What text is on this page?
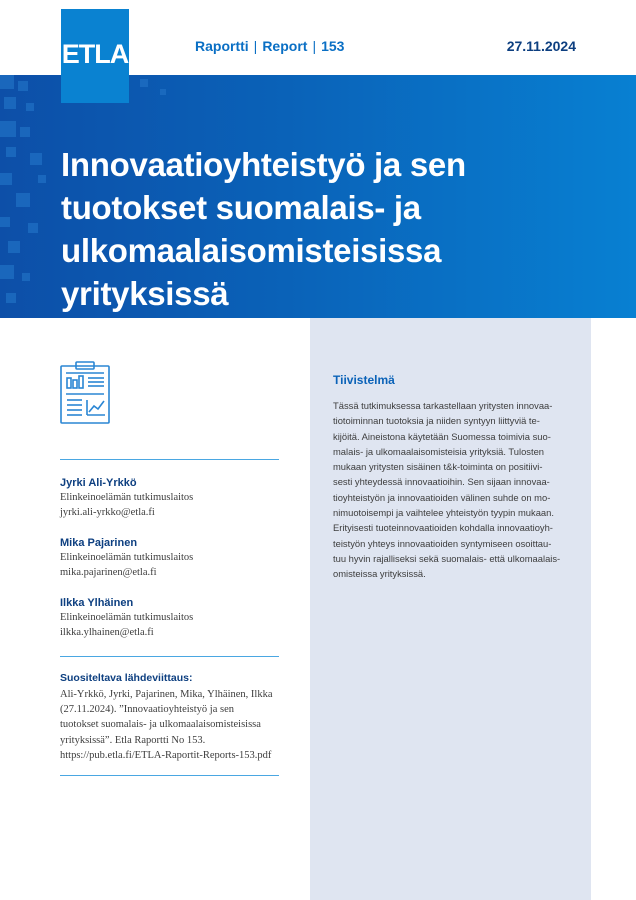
ETLA	Raportti | Report | 153	27.11.2024
Innovaatioyhteistyö ja sen tuotokset suomalais- ja ulkomaalaisomisteisissa yrityksissä
Tiivistelmä
Tässä tutkimuksessa tarkastellaan yritysten innovaa-
tiotoiminnan tuotoksia ja niiden syntyyn liittyviä te-
kijöitä. Aineistona käytetään Suomessa toimivia suo-
malais- ja ulkomaalaisomisteisia yrityksiä. Tulosten
mukaan yritysten sisäinen t&k-toiminta on positiivi-
sesti yhteydessä innovaatioihin. Sen sijaan innovaa-
tioyhteistyön ja innovaatioiden välinen suhde on mo-
nimuotoisempi ja vaihtelee yhteistyön tyypin mukaan.
Erityisesti tuoteinnovaatioiden kohdalla innovaatioyh-
teistyön yhteys innovaatioiden syntymiseen osoittau-
tuu hyvin rajalliseksi sekä suomalais- että ulkomaalais-
omisteissa yrityksissä.
Jyrki Ali-Yrkkö
Elinkeinoelämän tutkimuslaitos
jyrki.ali-yrkko@etla.fi
Mika Pajarinen
Elinkeinoelämän tutkimuslaitos
mika.pajarinen@etla.fi
Ilkka Ylhäinen
Elinkeinoelämän tutkimuslaitos
ilkka.ylhainen@etla.fi
Suositeltava lähdeviittaus:
Ali-Yrkkö, Jyrki, Pajarinen, Mika, Ylhäinen, Ilkka
(27.11.2024). ”Innovaatioyhteistyö ja sen
tuotokset suomalais- ja ulkomaalaisomisteisissa
yrityksissä”. Etla Raportti No 153.
https://pub.etla.fi/ETLA-Raportit-Reports-153.pdf
